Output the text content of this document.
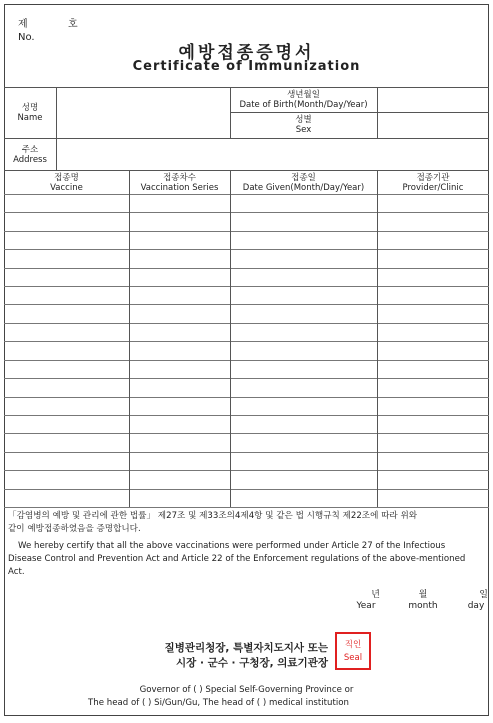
제	호

No.
예방접종증명서
Certificate of Immunization
성명
Name
생년월일
Date of Birth(Month/Day/Year)
성별
Sex
주소
Address
접종명
Vaccine
접종차수
Vaccination Series
접종일
Date Given(Month/Day/Year)
접종기관
Provider/Clinic
「감염병의 예방 및 관리에 관한 법률」 제27조 및 제33조의4제4항 및 같은 법 시행규칙 제22조에 따라 위와
같이 예방접종하였음을 증명합니다.
We hereby certify that all the above vaccinations were performed under Article 27 of the Infectious
Disease Control and Prevention Act and Article 22 of the Enforcement regulations of the above-mentioned
Act.
년
Year
월
month
일
day
질병관리청장, 특별자치도지사 또는
시장 · 군수 · 구청장, 의료기관장
직인
Seal
Governor of ( ) Special Self-Governing Province or
The head of ( ) Si/Gun/Gu, The head of ( ) medical institution
